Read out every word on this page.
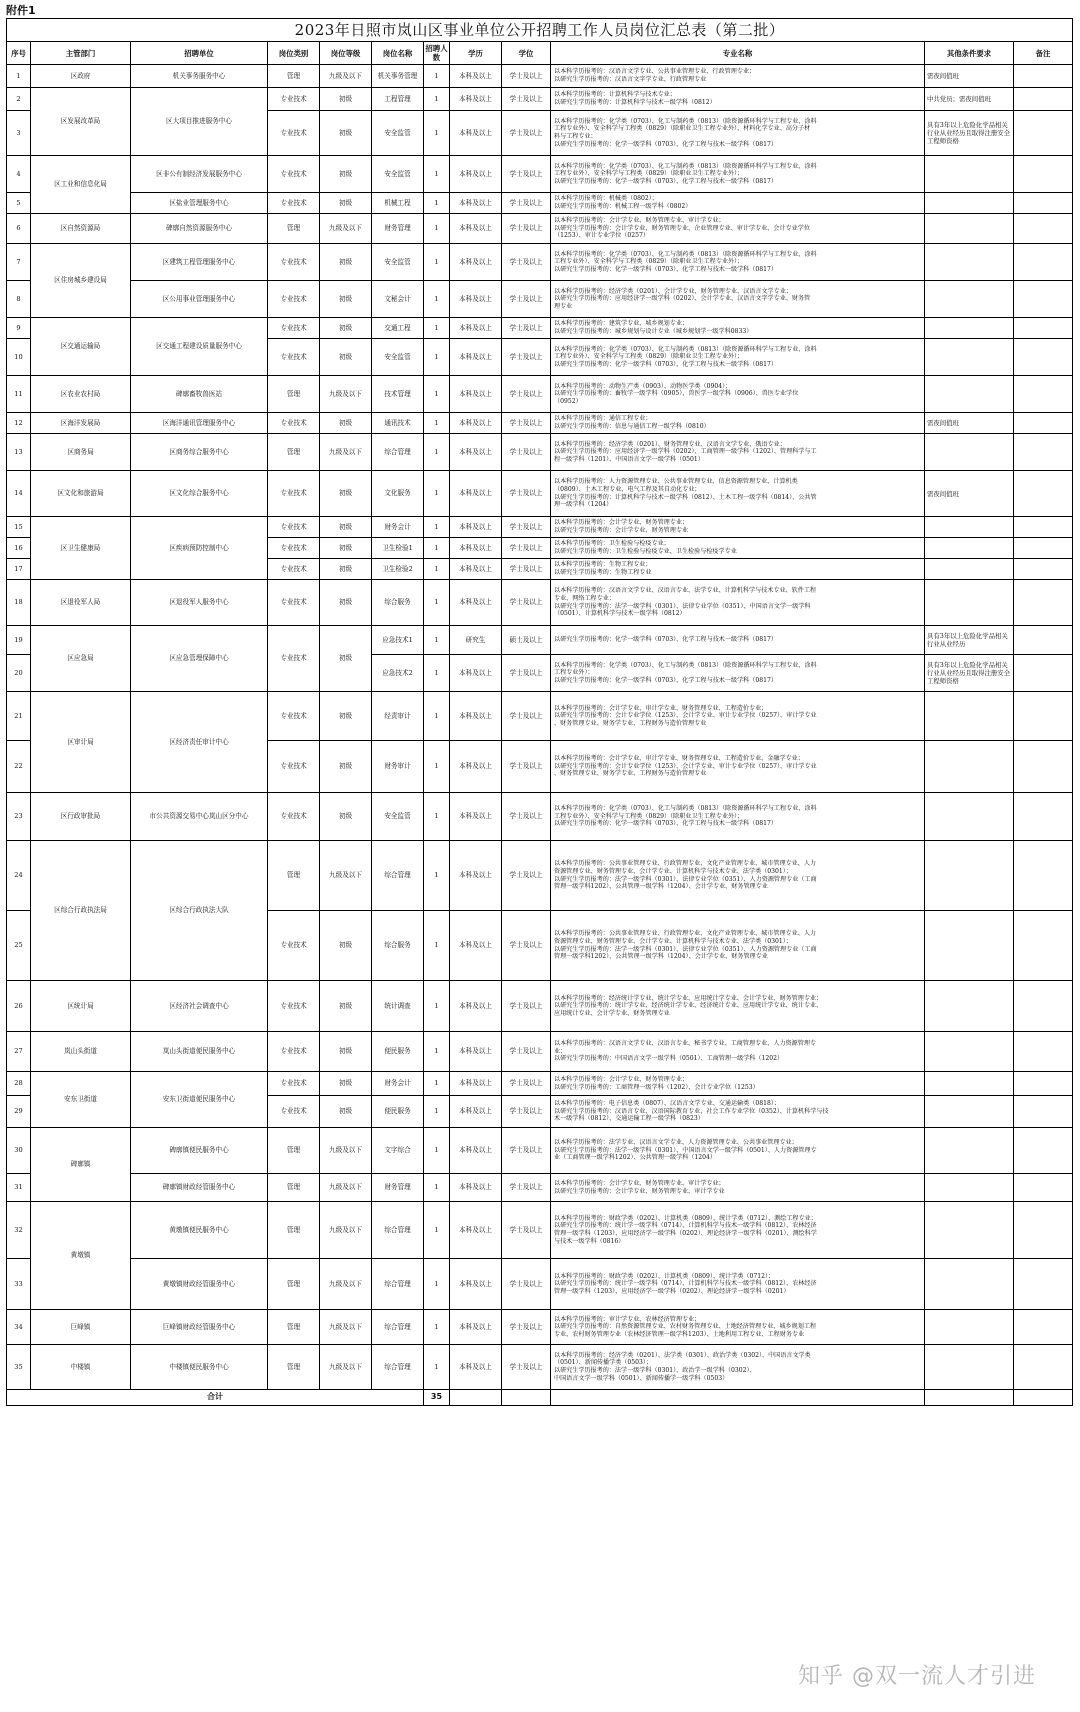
附件1
2023年日照市岚山区事业单位公开招聘工作人员岗位汇总表（第二批）
序号	主管部门	招聘单位	岗位类别	岗位等级	岗位名称	招聘人数	学历	学位	专业名称	其他条件要求	备注
1	区政府	机关事务服务中心	管理	九级及以下	机关事务管理	1	本科及以上	学士及以上	以本科学历报考的：汉语言文学专业、公共事业管理专业、行政管理专业；
以研究生学历报考的：汉语言文字学专业、行政管理专业	需夜间值班	
2	区发展改革局	区大项目推进服务中心	专业技术	初级	工程管理	1	本科及以上	学士及以上	以本科学历报考的：计算机科学与技术专业；
以研究生学历报考的：计算机科学与技术一级学科（0812）	中共党员；需夜间值班	
3			专业技术	初级	安全监管	1	本科及以上	学士及以上	以本科学历报考的：化学类（0703）、化工与制药类（0813）（除资源循环科学与工程专业、涂料
工程专业外）、安全科学与工程类（0829）（除职业卫生工程专业外）、材料化学专业、高分子材
料与工程专业；
以研究生学历报考的：化学一级学科（0703）、化学工程与技术一级学科（0817）	具有3年以上危险化学品相关行业从业经历且取得注册安全工程师资格	
4	区工业和信息化局	区非公有制经济发展服务中心	专业技术	初级	安全监管	1	本科及以上	学士及以上	以本科学历报考的：化学类（0703）、化工与制药类（0813）（除资源循环科学与工程专业、涂料
工程专业外）、安全科学与工程类（0829）（除职业卫生工程专业外）；
以研究生学历报考的：化学一级学科（0703）、化学工程与技术一级学科（0817）		

5		区盐业管理服务中心	专业技术	初级	机械工程	1	本科及以上	学士及以上	以本科学历报考的：机械类（0802）；
以研究生学历报考的：机械工程一级学科（0802）		

6	区自然资源局	碑廓自然资源服务中心	管理	九级及以下	财务管理	1	本科及以上	学士及以上	以本科学历报考的：会计学专业、财务管理专业、审计学专业；
以研究生学历报考的：会计学专业、财务管理专业、企业管理专业、审计学专业、会计专业学位
（1253）、审计专业学位（0257）		

7	区住房城乡建设局	区建筑工程管理服务中心	专业技术	初级	安全监管	1	本科及以上	学士及以上	以本科学历报考的：化学类（0703）、化工与制药类（0813）（除资源循环科学与工程专业、涂料
工程专业外）、安全科学与工程类（0829）（除职业卫生工程专业外）；
以研究生学历报考的：化学一级学科（0703）、化学工程与技术一级学科（0817）		

8		区公用事业管理服务中心	专业技术	初级	文秘会计	1	本科及以上	学士及以上	以本科学历报考的：经济学类（0201）、会计学专业、财务管理专业、汉语言文学专业；
以研究生学历报考的：应用经济学一级学科（0202）、会计学专业、汉语言文字学专业、财务管
理专业		

9	区交通运输局	区交通工程建设质量服务中心	专业技术	初级	交通工程	1	本科及以上	学士及以上	以本科学历报考的：建筑学专业、城乡规划专业；
以研究生学历报考的：城乡规划与设计专业（城乡规划学一级学科0833）		

10			专业技术	初级	安全监管	1	本科及以上	学士及以上	以本科学历报考的：化学类（0703）、化工与制药类（0813）（除资源循环科学与工程专业、涂料
工程专业外）、安全科学与工程类（0829）（除职业卫生工程专业外）；
以研究生学历报考的：化学一级学科（0703）、化学工程与技术一级学科（0817）		

11	区农业农村局	碑廓畜牧兽医站	管理	九级及以下	技术管理	1	本科及以上	学士及以上	以本科学历报考的：动物生产类（0903）、动物医学类（0904）；
以研究生学历报考的：畜牧学一级学科（0905）、兽医学一级学科（0906）、兽医专业学位
（0952）		

12	区海洋发展局	区海洋通讯管理服务中心	专业技术	初级	通讯技术	1	本科及以上	学士及以上	以本科学历报考的：通信工程专业；
以研究生学历报考的：信息与通信工程一级学科（0810）	需夜间值班	
13	区商务局	区商务综合服务中心	管理	九级及以下	综合管理	1	本科及以上	学士及以上	以本科学历报考的：经济学类（0201）、财务管理专业、汉语言文学专业、俄语专业；
以研究生学历报考的：应用经济学一级学科（0202）、工商管理一级学科（1202）、管理科学与工
程一级学科（1201）、中国语言文学一级学科（0501）		

14	区文化和旅游局	区文化综合服务中心	专业技术	初级	文化服务	1	本科及以上	学士及以上	以本科学历报考的：人力资源管理专业、公共事业管理专业、信息资源管理专业、计算机类
（0809）、土木工程专业、电气工程及其自动化专业；
以研究生学历报考的：计算机科学与技术一级学科（0812）、土木工程一级学科（0814）、公共管
理一级学科（1204）	需夜间值班	
15	区卫生健康局	区疾病预防控制中心	专业技术	初级	财务会计	1	本科及以上	学士及以上	以本科学历报考的：会计学专业、财务管理专业；
以研究生学历报考的：会计学专业、财务管理专业		

16			专业技术	初级	卫生检验1	1	本科及以上	学士及以上	以本科学历报考的：卫生检验与检疫专业；
以研究生学历报考的：卫生检验与检疫专业、卫生检验与检疫学专业		

17			专业技术	初级	卫生检验2	1	本科及以上	学士及以上	以本科学历报考的：生物工程专业；
以研究生学历报考的：生物工程专业		

18	区退役军人局	区退役军人服务中心	专业技术	初级	综合服务	1	本科及以上	学士及以上	以本科学历报考的：汉语言文学专业、汉语言专业、法学专业、计算机科学与技术专业、软件工程
专业、网络工程专业；
以研究生学历报考的：法学一级学科（0301）、法律专业学位（0351）、中国语言文学一级学科
（0501）、计算机科学与技术一级学科（0812）		

19	区应急局	区应急管理保障中心	专业技术	初级	应急技术1	1	研究生	硕士及以上	以研究生学历报考的：化学一级学科（0703）、化学工程与技术一级学科（0817）	具有3年以上危险化学品相关行业从业经历	
20					应急技术2	1	本科及以上	学士及以上	以本科学历报考的：化学类（0703）、化工与制药类（0813）（除资源循环科学与工程专业、涂料
工程专业外）；
以研究生学历报考的：化学一级学科（0703）、化学工程与技术一级学科（0817）	具有3年以上危险化学品相关行业从业经历且取得注册安全工程师资格	
21	区审计局	区经济责任审计中心	专业技术	初级	经责审计	1	本科及以上	学士及以上	以本科学历报考的：会计学专业、审计学专业、财务管理专业、工程造价专业；
以研究生学历报考的：会计专业学位（1253）、会计学专业、审计专业学位（0257）、审计学专业
、财务管理专业、财务学专业、工程财务与造价管理专业		

22			专业技术	初级	财务审计	1	本科及以上	学士及以上	以本科学历报考的：会计学专业、审计学专业、财务管理专业、工程造价专业、金融学专业；
以研究生学历报考的：会计专业学位（1253）、会计学专业、审计专业学位（0257）、审计学专业
、财务管理专业、财务学专业、工程财务与造价管理专业		

23	区行政审批局	市公共资源交易中心岚山区分中心	专业技术	初级	安全监管	1	本科及以上	学士及以上	以本科学历报考的：化学类（0703）、化工与制药类（0813）（除资源循环科学与工程专业、涂料
工程专业外）、安全科学与工程类（0829）（除职业卫生工程专业外）；
以研究生学历报考的：化学一级学科（0703）、化学工程与技术一级学科（0817）		

24	区综合行政执法局	区综合行政执法大队	管理	九级及以下	综合管理	1	本科及以上	学士及以上	以本科学历报考的：公共事业管理专业、行政管理专业、文化产业管理专业、城市管理专业、人力
资源管理专业、财务管理专业、会计学专业、计算机科学与技术专业、法学类（0301）；
以研究生学历报考的：法学一级学科（0301）、法律专业学位（0351）、人力资源管理专业（工商
管理一级学科1202）、公共管理一级学科（1204）、会计学专业、财务管理专业		

25			专业技术	初级	综合服务	1	本科及以上	学士及以上	以本科学历报考的：公共事业管理专业、行政管理专业、文化产业管理专业、城市管理专业、人力
资源管理专业、财务管理专业、会计学专业、计算机科学与技术专业、法学类（0301）；
以研究生学历报考的：法学一级学科（0301）、法律专业学位（0351）、人力资源管理专业（工商
管理一级学科1202）、公共管理一级学科（1204）、会计学专业、财务管理专业		

26	区统计局	区经济社会调查中心	专业技术	初级	统计调查	1	本科及以上	学士及以上	以本科学历报考的：经济统计学专业、统计学专业、应用统计学专业、会计学专业、财务管理专业；
以研究生学历报考的：统计学专业、经济统计学专业、经济统计专业、应用统计学专业、统计专业、
应用统计专业、会计学专业、财务管理专业		

27	岚山头街道	岚山头街道便民服务中心	专业技术	初级	便民服务	1	本科及以上	学士及以上	以本科学历报考的：汉语言文学专业、汉语言专业、秘书学专业、工商管理专业、人力资源管理专
业；
以研究生学历报考的：中国语言文学一级学科（0501）、工商管理一级学科（1202）		

28	安东卫街道	安东卫街道便民服务中心	专业技术	初级	财务会计	1	本科及以上	学士及以上	以本科学历报考的：会计学专业、财务管理专业；
以研究生学历报考的：工商管理一级学科（1202）、会计专业学位（1253）		

29			专业技术	初级	便民服务	1	本科及以上	学士及以上	以本科学历报考的：电子信息类（0807）、汉语言文学专业、交通运输类（0818）；
以研究生学历报考的：汉语言专业、汉语国际教育专业、社会工作专业学位（0352）、计算机科学与技
术一级学科（0812）、交通运输工程一级学科（0823）		

30	碑廓镇	碑廓镇便民服务中心	管理	九级及以下	文字综合	1	本科及以上	学士及以上	以本科学历报考的：法学专业、汉语言文学专业、人力资源管理专业、公共事业管理专业；
以研究生学历报考的：法学一级学科（0301）、中国语言文学一级学科（0501）、人力资源管理专
业（工商管理一级学科1202）、公共管理一级学科（1204）		

31		碑廓镇财政经管服务中心	管理	九级及以下	财务管理	1	本科及以上	学士及以上	以本科学历报考的：会计学专业、财务管理专业、审计学专业；
以研究生学历报考的：会计学专业、财务管理专业、审计学专业		

32	黄墩镇	黄墩镇便民服务中心	管理	九级及以下	综合管理	1	本科及以上	学士及以上	以本科学历报考的：财政学类（0202）、计算机类（0809）、统计学类（0712）、测绘工程专业；
以研究生学历报考的：统计学一级学科（0714）、计算机科学与技术一级学科（0812）、农林经济
管理一级学科（1203）、应用经济学一级学科（0202）、理论经济学一级学科（0201）、测绘科学
与技术一级学科（0816）		

33		黄墩镇财政经管服务中心	管理	九级及以下	综合管理	1	本科及以上	学士及以上	以本科学历报考的：财政学类（0202）、计算机类（0809）、统计学类（0712）；
以研究生学历报考的：统计学一级学科（0714）、计算机科学与技术一级学科（0812）、农林经济
管理一级学科（1203）、应用经济学一级学科（0202）、理论经济学一级学科（0201）		

34	巨峰镇	巨峰镇财政经管服务中心	管理	九级及以下	综合管理	1	本科及以上	学士及以上	以本科学历报考的：审计学专业、农林经济管理专业；
以研究生学历报考的：自然资源管理专业、农村财务管理专业、土地经济管理专业、城乡规划工程
专业、农村财务管理专业（农林经济管理一级学科1203）、土地利用工程专业、工程财务专业		

35	中楼镇	中楼镇便民服务中心	管理	九级及以下	综合管理	1	本科及以上	学士及以上	以本科学历报考的：经济学类（0201）、法学类（0301）、政治学类（0302）、中国语言文学类
（0501）、新闻传播学类（0503）；
以研究生学历报考的：法学一级学科（0301）、政治学一级学科（0302）、
中国语言文学一级学科（0501）、新闻传播学一级学科（0503）		

合计						35					
知乎 @双一流人才引进
